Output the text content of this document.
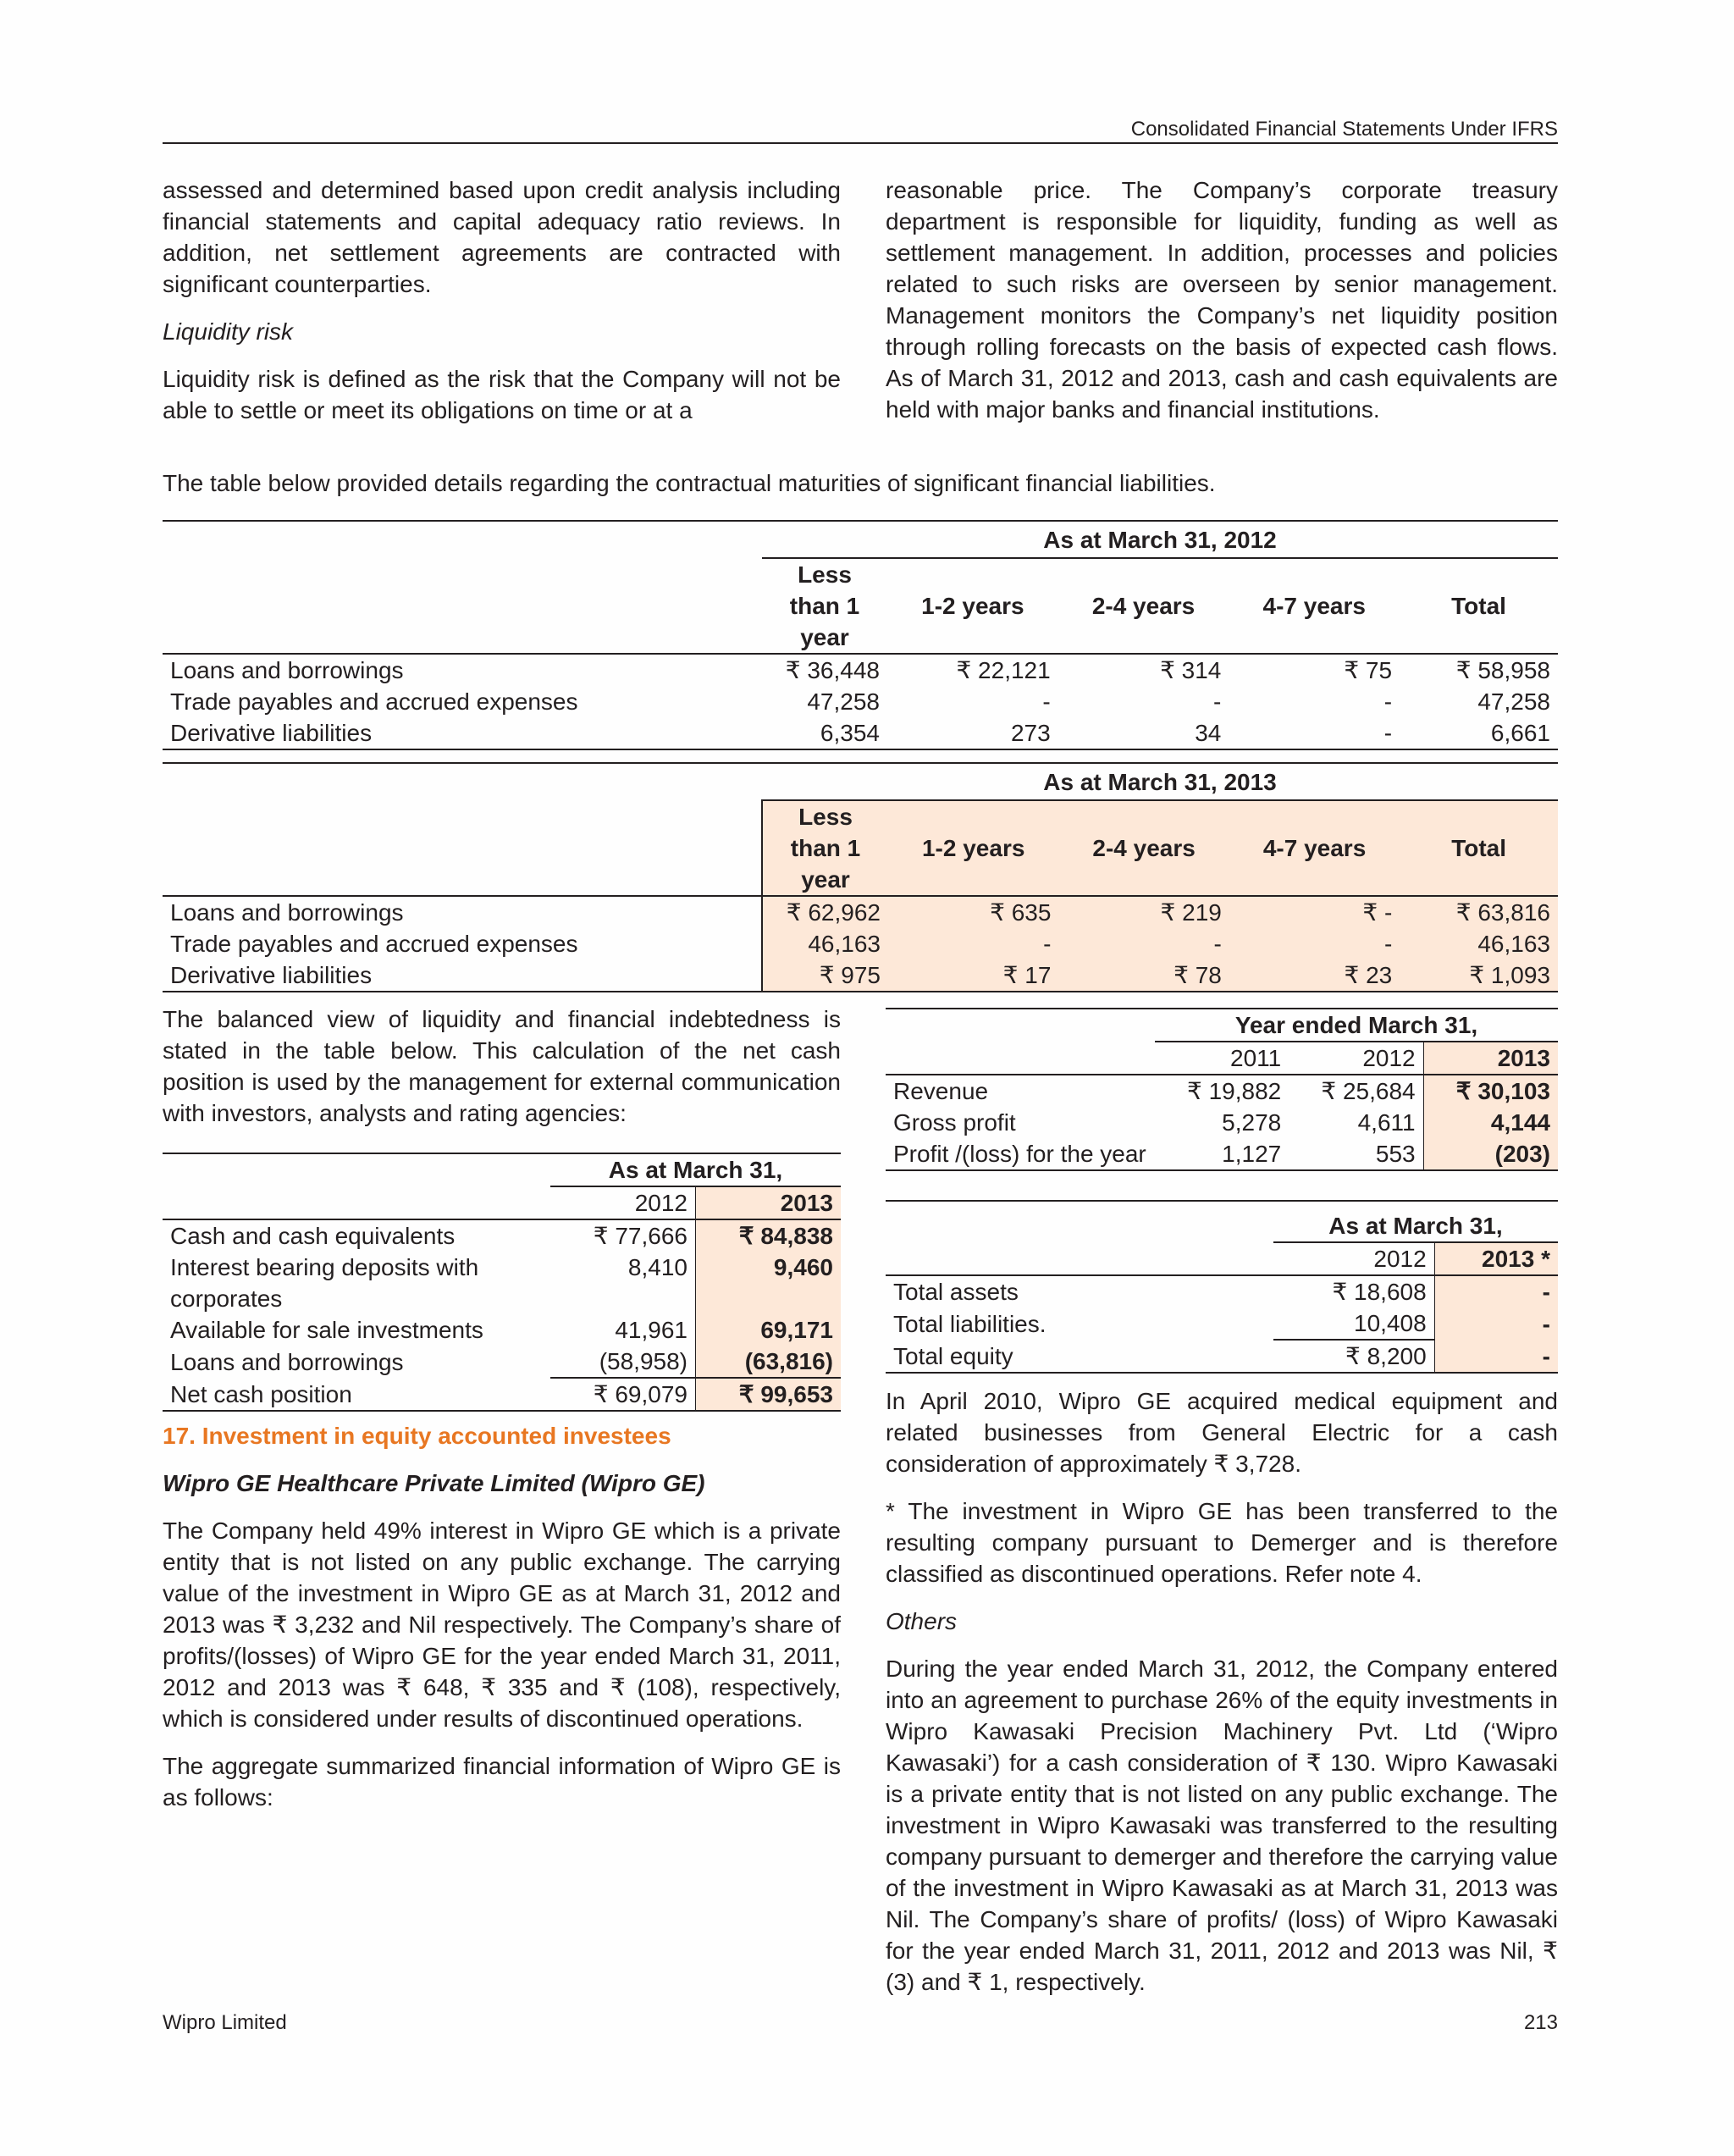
Consolidated Financial Statements Under IFRS

assessed and determined based upon credit analysis including financial statements and capital adequacy ratio reviews. In addition, net settlement agreements are contracted with significant counterparties.

Liquidity risk

Liquidity risk is defined as the risk that the Company will not be able to settle or meet its obligations on time or at a

reasonable price. The Company’s corporate treasury department is responsible for liquidity, funding as well as settlement management. In addition, processes and policies related to such risks are overseen by senior management. Management monitors the Company’s net liquidity position through rolling forecasts on the basis of expected cash flows. As of March 31, 2012 and 2013, cash and cash equivalents are held with major banks and financial institutions.

The table below provided details regarding the contractual maturities of significant financial liabilities.
	As at March 31, 2012				
	Less than 1 year	1-2 years	2-4 years	4-7 years	Total
Loans and borrowings	₹ 36,448	₹ 22,121	₹ 314	₹ 75	₹ 58,958
Trade payables and accrued expenses	47,258	-	-	-	47,258
Derivative liabilities	6,354	273	34	-	6,661
	As at March 31, 2013				
	Less than 1 year	1-2 years	2-4 years	4-7 years	Total
Loans and borrowings	₹ 62,962	₹ 635	₹ 219	₹ -	₹ 63,816
Trade payables and accrued expenses	46,163	-	-	-	46,163
Derivative liabilities	₹ 975	₹ 17	₹ 78	₹ 23	₹ 1,093

The balanced view of liquidity and financial indebtedness is stated in the table below. This calculation of the net cash position is used by the management for external communication with investors, analysts and rating agencies:

	As at March 31,	
	2012	2013
Cash and cash equivalents	₹ 77,666	₹ 84,838
Interest bearing deposits with corporates	8,410	9,460
Available for sale investments	41,961	69,171
Loans and borrowings	(58,958)	(63,816)
Net cash position	₹ 69,079	₹ 99,653

17. Investment in equity accounted investees

Wipro GE Healthcare Private Limited (Wipro GE)

The Company held 49% interest in Wipro GE which is a private entity that is not listed on any public exchange. The carrying value of the investment in Wipro GE as at March 31, 2012 and 2013 was ₹ 3,232 and Nil respectively. The Company’s share of profits/(losses) of Wipro GE for the year ended March 31, 2011, 2012 and 2013 was ₹ 648, ₹ 335 and ₹ (108), respectively, which is considered under results of discontinued operations.

The aggregate summarized financial information of Wipro GE is as follows:

	Year ended March 31,		
	2011	2012	2013
Revenue	₹ 19,882	₹ 25,684	₹ 30,103
Gross profit	5,278	4,611	4,144
Profit /(loss) for the year	1,127	553	(203)
	As at March 31,	
	2012	2013 *
Total assets	₹ 18,608	-
Total liabilities.	10,408	-
Total equity	₹ 8,200	-

In April 2010, Wipro GE acquired medical equipment and related businesses from General Electric for a cash consideration of approximately ₹ 3,728.

* The investment in Wipro GE has been transferred to the resulting company pursuant to Demerger and is therefore classified as discontinued operations. Refer note 4.

Others

During the year ended March 31, 2012, the Company entered into an agreement to purchase 26% of the equity investments in Wipro Kawasaki Precision Machinery Pvt. Ltd (‘Wipro Kawasaki’) for a cash consideration of ₹ 130. Wipro Kawasaki is a private entity that is not listed on any public exchange. The investment in Wipro Kawasaki was transferred to the resulting company pursuant to demerger and therefore the carrying value of the investment in Wipro Kawasaki as at March 31, 2013 was Nil. The Company’s share of profits/ (loss) of Wipro Kawasaki for the year ended March 31, 2011, 2012 and 2013 was Nil, ₹ (3) and ₹ 1, respectively.

Wipro Limited	213
